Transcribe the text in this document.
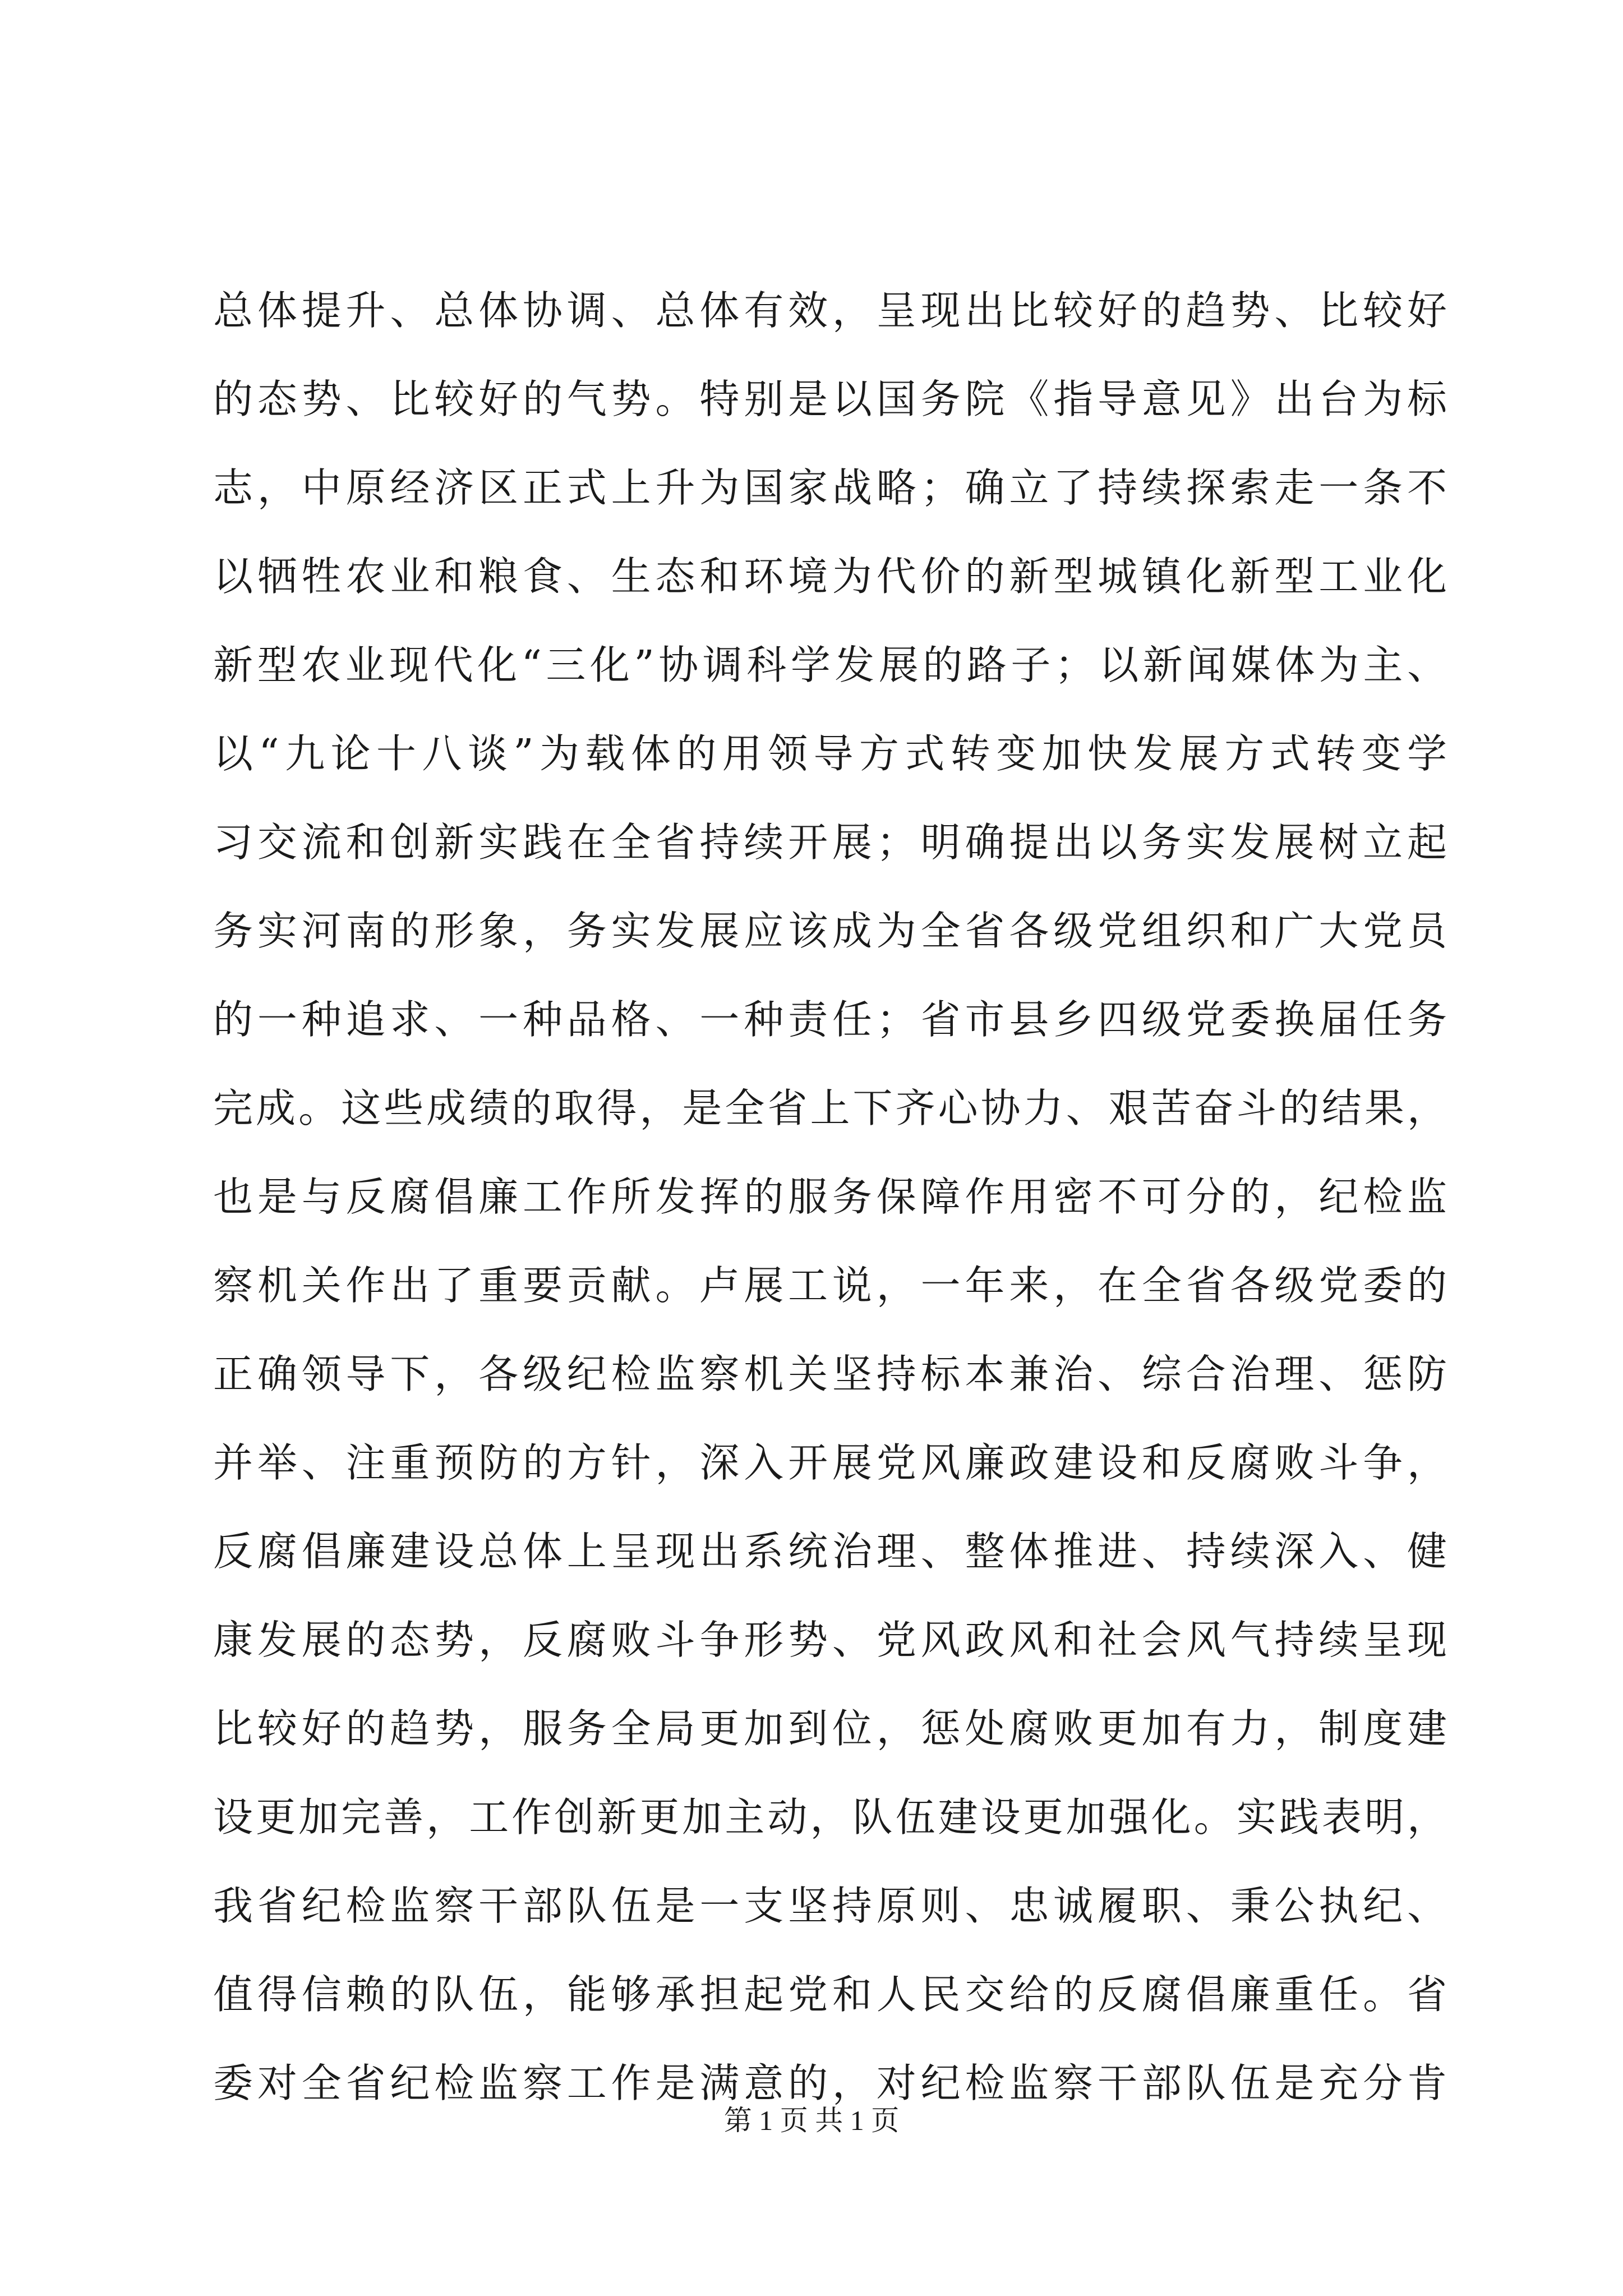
总体提升、总体协调、总体有效，呈现出比较好的趋势、比较好
的态势、比较好的气势。特别是以国务院《指导意见》出台为标
志，中原经济区正式上升为国家战略；确立了持续探索走一条不
以牺牲农业和粮食、生态和环境为代价的新型城镇化新型工业化
新型农业现代化“三化”协调科学发展的路子；以新闻媒体为主、
以“九论十八谈”为载体的用领导方式转变加快发展方式转变学
习交流和创新实践在全省持续开展；明确提出以务实发展树立起
务实河南的形象，务实发展应该成为全省各级党组织和广大党员
的一种追求、一种品格、一种责任；省市县乡四级党委换届任务
完成。这些成绩的取得，是全省上下齐心协力、艰苦奋斗的结果，
也是与反腐倡廉工作所发挥的服务保障作用密不可分的，纪检监
察机关作出了重要贡献。卢展工说，一年来，在全省各级党委的
正确领导下，各级纪检监察机关坚持标本兼治、综合治理、惩防
并举、注重预防的方针，深入开展党风廉政建设和反腐败斗争，
反腐倡廉建设总体上呈现出系统治理、整体推进、持续深入、健
康发展的态势，反腐败斗争形势、党风政风和社会风气持续呈现
比较好的趋势，服务全局更加到位，惩处腐败更加有力，制度建
设更加完善，工作创新更加主动，队伍建设更加强化。实践表明，
我省纪检监察干部队伍是一支坚持原则、忠诚履职、秉公执纪、
值得信赖的队伍，能够承担起党和人民交给的反腐倡廉重任。省
委对全省纪检监察工作是满意的，对纪检监察干部队伍是充分肯
第 1 页 共 1 页
